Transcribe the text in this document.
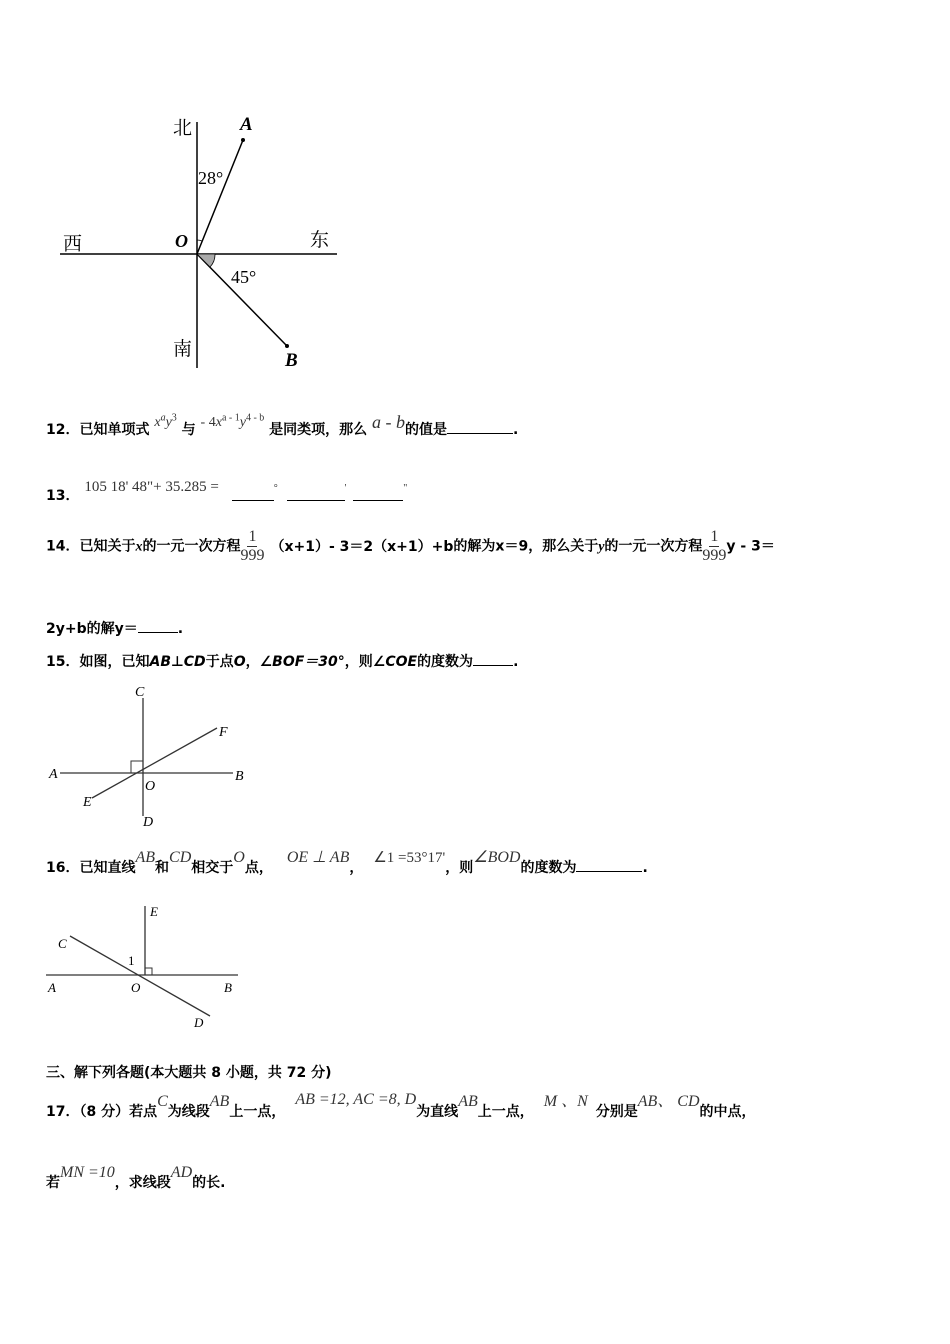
北	A
28°
西	O	东
45°
南
B
12．已知单项式 $x^ay^3$ 与 - $4x^{a - 1}y^{4 - b}$ 是同类项，那么 a - b的值是	.
13． 105 18' 48"+ 35.285 =	°	'	"
14．已知关于x的一元一次方程 $\frac{1}{999} (x+1)-$ 3＝2（x+1）+b的解为x＝9，那么关于y的一元一次方程 $\frac{1}{999}$ y - 3＝
2y+b的解y＝	.
15．如图，已知AB⊥CD于点O，∠BOF＝30°，则∠COE的度数为	.
C
F
A	B
O
E
D
16．已知直线AB和CD相交于O点，OE ⊥ AB，∠1 =53°17'，则∠BOD的度数为	.
E
C
1
A	O	B
D
三、解下列各题(本大题共 8 小题，共 72 分)
17．（8 分）若点C为线段AB上一点，AB =12, AC =8, D为直线AB上一点，M 、N分别是AB、 CD的中点，
若MN =10，求线段AD的长.
